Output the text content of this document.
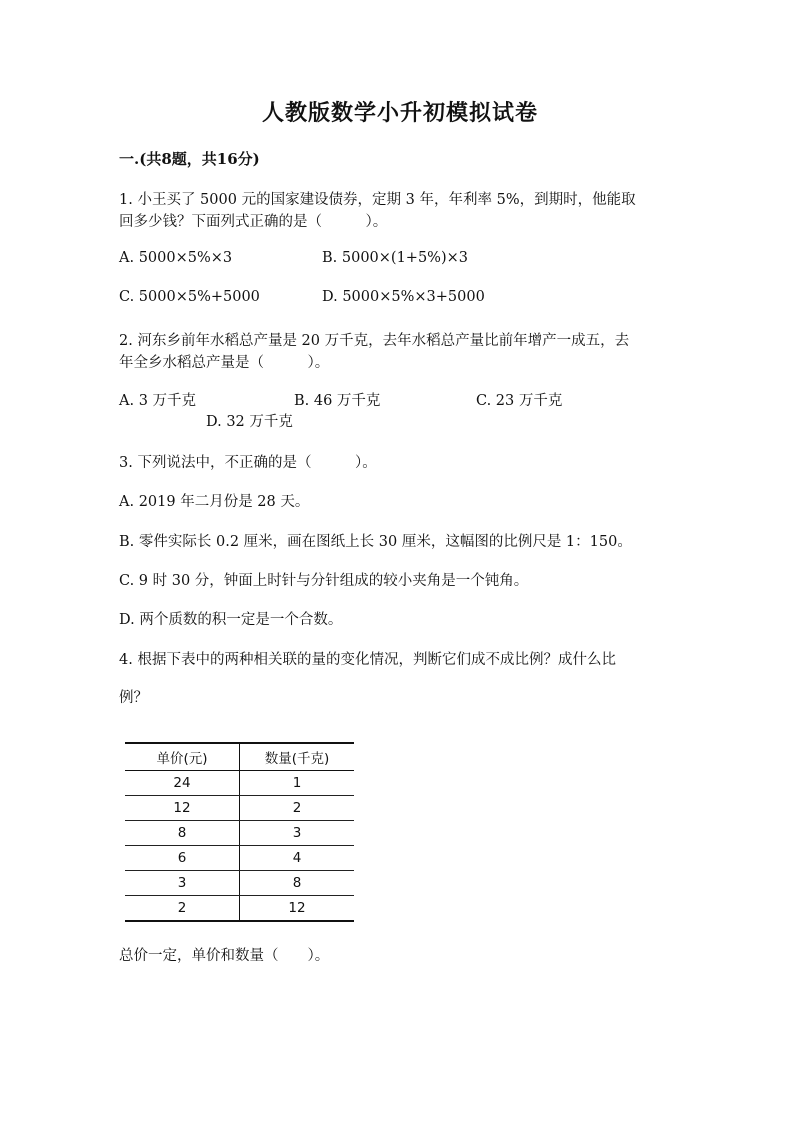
人教版数学小升初模拟试卷
一.(共8题，共16分)
1. 小王买了 5000 元的国家建设债券，定期 3 年，年利率 5%，到期时，他能取
回多少钱？下面列式正确的是（　　　）。
A. 5000×5%×3	B. 5000×(1+5%)×3
C. 5000×5%+5000	D. 5000×5%×3+5000
2. 河东乡前年水稻总产量是 20 万千克，去年水稻总产量比前年增产一成五，去
年全乡水稻总产量是（　　　）。
A. 3 万千克	B. 46 万千克	C. 23 万千克
D. 32 万千克
3. 下列说法中，不正确的是（　　　）。
A. 2019 年二月份是 28 天。
B. 零件实际长 0.2 厘米，画在图纸上长 30 厘米，这幅图的比例尺是 1：150。
C. 9 时 30 分，钟面上时针与分针组成的较小夹角是一个钝角。
D. 两个质数的积一定是一个合数。
4. 根据下表中的两种相关联的量的变化情况，判断它们成不成比例？成什么比
例？
单价(元)	数量(千克)
24	1
12	2
8	3
6	4
3	8
2	12
总价一定，单价和数量（　　）。
